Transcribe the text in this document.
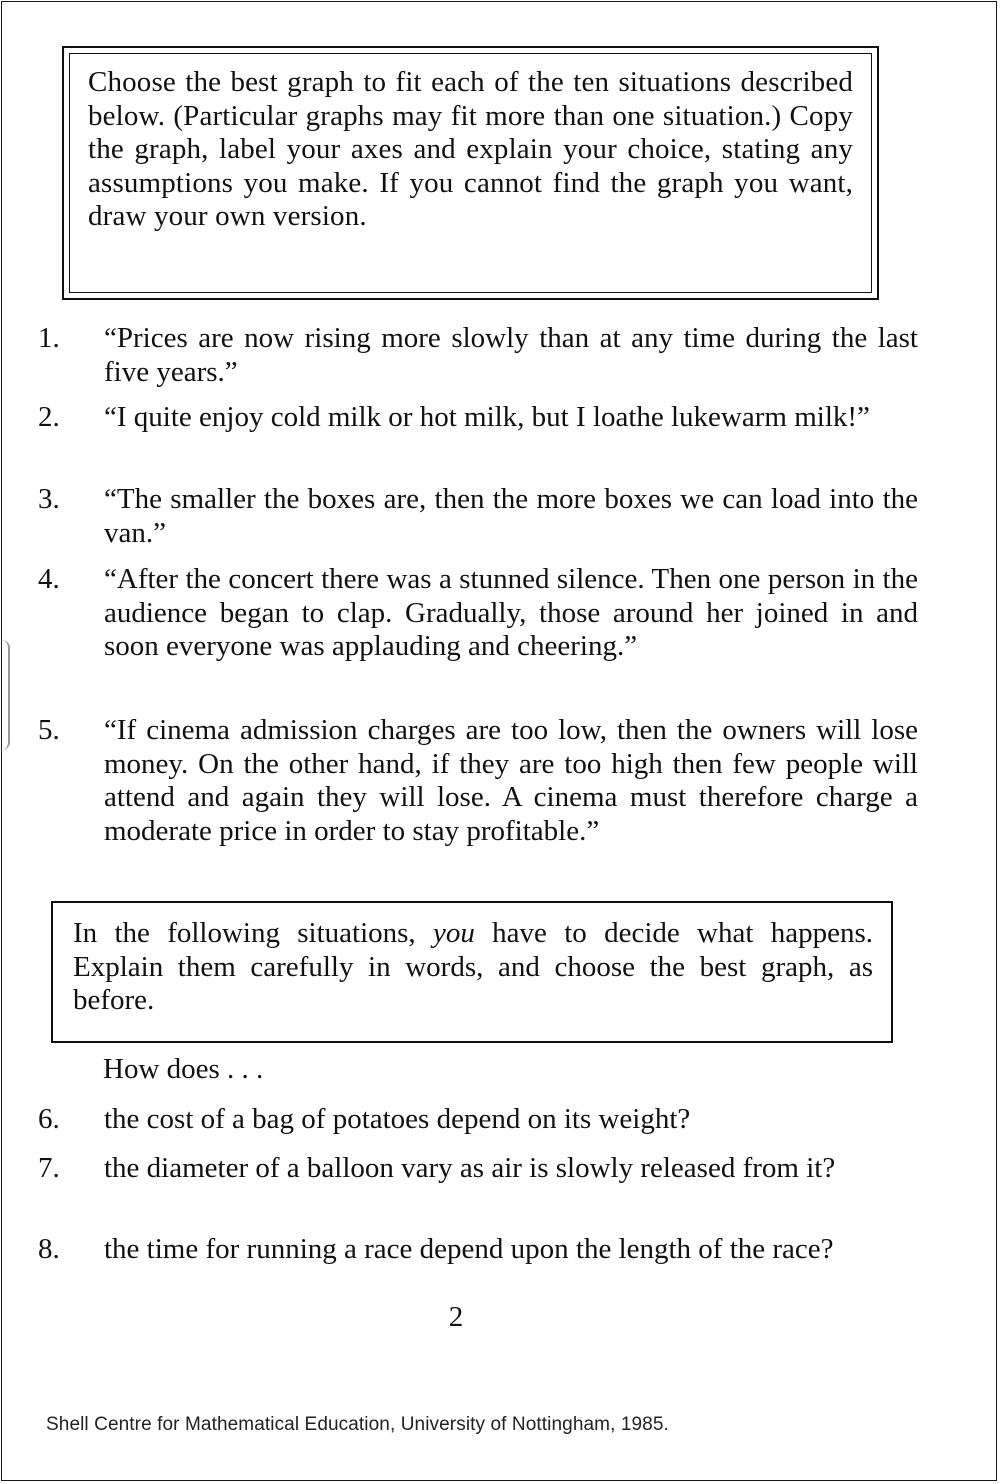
Choose the best graph to fit each of the ten situations described below. (Particular graphs may fit more than one situation.) Copy the graph, label your axes and explain your choice, stating any assumptions you make. If you cannot find the graph you want, draw your own version.

1.	“Prices are now rising more slowly than at any time during the last five years.”

2.	“I quite enjoy cold milk or hot milk, but I loathe lukewarm milk!”

3.	“The smaller the boxes are, then the more boxes we can load into the van.”

4.	“After the concert there was a stunned silence. Then one person in the audience began to clap. Gradually, those around her joined in and soon everyone was applauding and cheering.”

5.	“If cinema admission charges are too low, then the owners will lose money. On the other hand, if they are too high then few people will attend and again they will lose. A cinema must therefore charge a moderate price in order to stay profitable.”

In the following situations, you have to decide what happens. Explain them carefully in words, and choose the best graph, as before.

How does . . .

6.	the cost of a bag of potatoes depend on its weight?

7.	the diameter of a balloon vary as air is slowly released from it?

8.	the time for running a race depend upon the length of the race?

2

Shell Centre for Mathematical Education, University of Nottingham, 1985.
